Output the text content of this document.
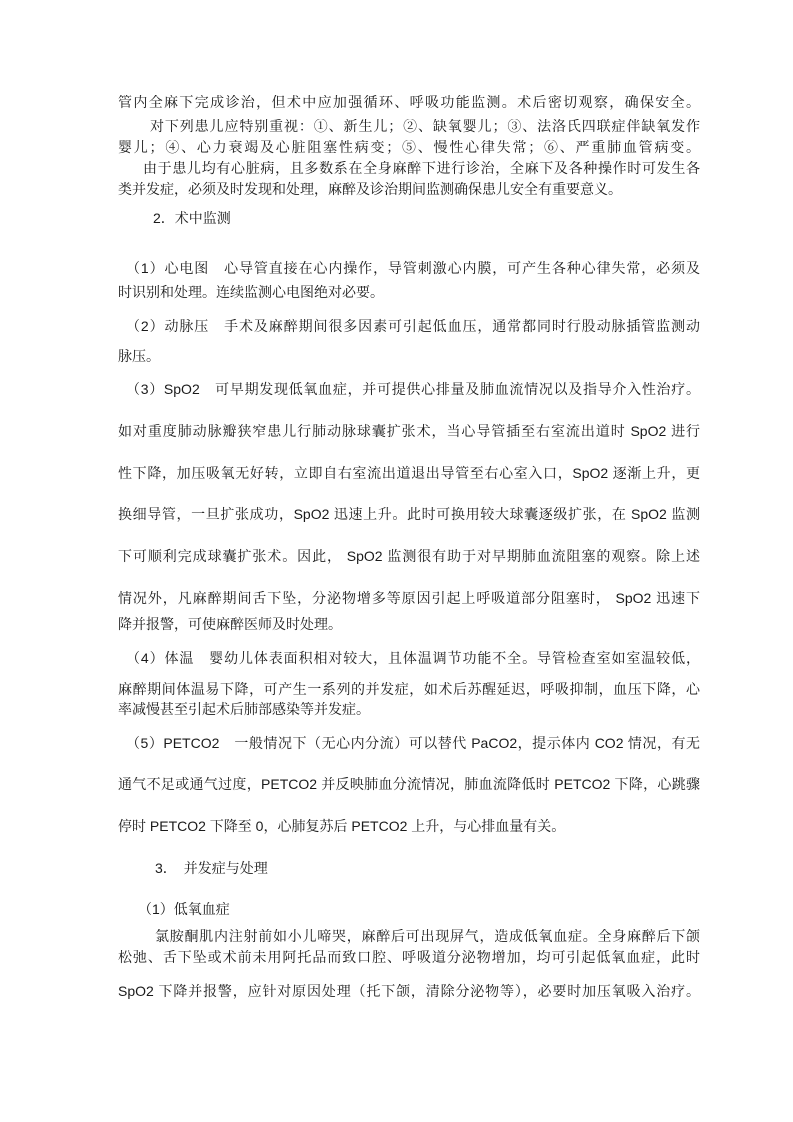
管内全麻下完成诊治，但术中应加强循环、呼吸功能监测。术后密切观察，确保安全。
对下列患儿应特别重视：①、新生儿；②、缺氧婴儿；③、法洛氏四联症伴缺氧发作
婴儿；④、心力衰竭及心脏阻塞性病变；⑤、慢性心律失常；⑥、严重肺血管病变。
由于患儿均有心脏病，且多数系在全身麻醉下进行诊治，全麻下及各种操作时可发生各
类并发症，必须及时发现和处理，麻醉及诊治期间监测确保患儿安全有重要意义。
2．术中监测
（1）心电图　心导管直接在心内操作，导管刺激心内膜，可产生各种心律失常，必须及
时识别和处理。连续监测心电图绝对必要。
（2）动脉压　手术及麻醉期间很多因素可引起低血压，通常都同时行股动脉插管监测动
脉压。
（3）SpO2　可早期发现低氧血症，并可提供心排量及肺血流情况以及指导介入性治疗。
如对重度肺动脉瓣狭窄患儿行肺动脉球囊扩张术，当心导管插至右室流出道时 SpO2 进行
性下降，加压吸氧无好转，立即自右室流出道退出导管至右心室入口，SpO2 逐渐上升，更
换细导管，一旦扩张成功，SpO2 迅速上升。此时可换用较大球囊逐级扩张，在 SpO2 监测
下可顺利完成球囊扩张术。因此， SpO2 监测很有助于对早期肺血流阻塞的观察。除上述
情况外，凡麻醉期间舌下坠，分泌物增多等原因引起上呼吸道部分阻塞时， SpO2 迅速下
降并报警，可使麻醉医师及时处理。
（4）体温　婴幼儿体表面积相对较大，且体温调节功能不全。导管检查室如室温较低，
麻醉期间体温易下降，可产生一系列的并发症，如术后苏醒延迟，呼吸抑制，血压下降，心
率减慢甚至引起术后肺部感染等并发症。
（5）PETCO2　一般情况下（无心内分流）可以替代 PaCO2，提示体内 CO2 情况，有无
通气不足或通气过度，PETCO2 并反映肺血分流情况，肺血流降低时 PETCO2 下降，心跳骤
停时 PETCO2 下降至 0，心肺复苏后 PETCO2 上升，与心排血量有关。
3．　并发症与处理
（1）低氧血症
氯胺酮肌内注射前如小儿啼哭，麻醉后可出现屏气，造成低氧血症。全身麻醉后下颌
松弛、舌下坠或术前未用阿托品而致口腔、呼吸道分泌物增加，均可引起低氧血症，此时
SpO2 下降并报警，应针对原因处理（托下颌，清除分泌物等），必要时加压氧吸入治疗。
